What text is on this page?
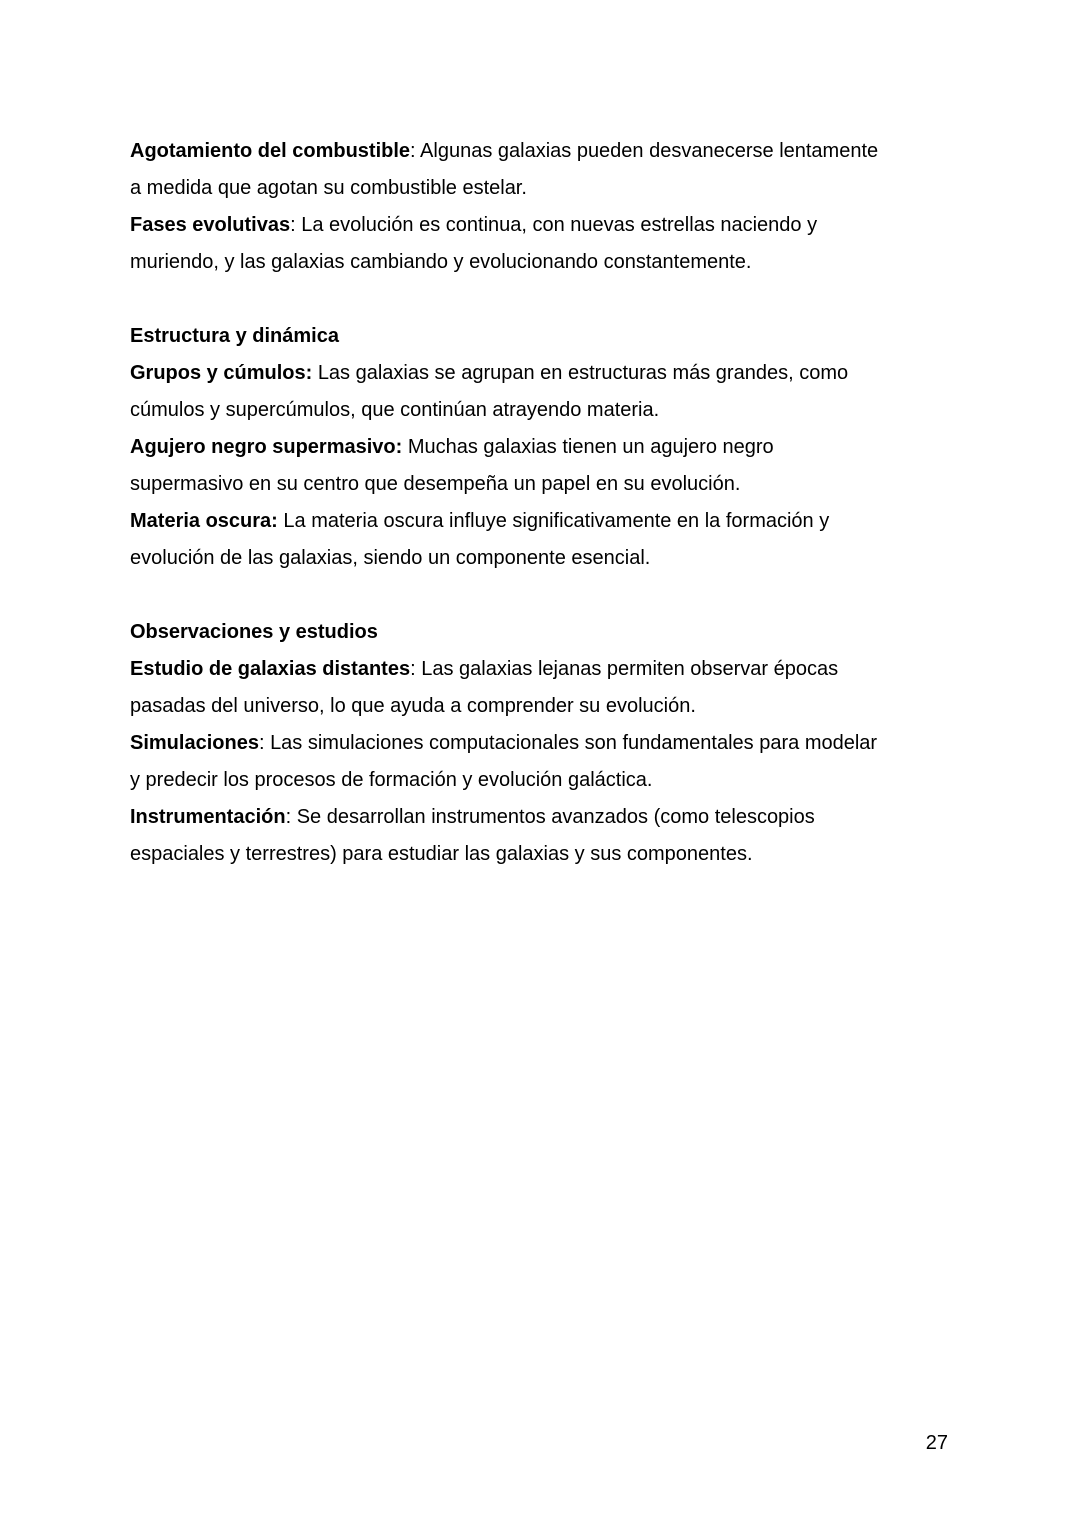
Agotamiento del combustible: Algunas galaxias pueden desvanecerse lentamente

a medida que agotan su combustible estelar.

Fases evolutivas: La evolución es continua, con nuevas estrellas naciendo y

muriendo, y las galaxias cambiando y evolucionando constantemente.

Estructura y dinámica

Grupos y cúmulos: Las galaxias se agrupan en estructuras más grandes, como

cúmulos y supercúmulos, que continúan atrayendo materia.

Agujero negro supermasivo: Muchas galaxias tienen un agujero negro

supermasivo en su centro que desempeña un papel en su evolución.

Materia oscura: La materia oscura influye significativamente en la formación y

evolución de las galaxias, siendo un componente esencial.

Observaciones y estudios

Estudio de galaxias distantes: Las galaxias lejanas permiten observar épocas

pasadas del universo, lo que ayuda a comprender su evolución.

Simulaciones: Las simulaciones computacionales son fundamentales para modelar

y predecir los procesos de formación y evolución galáctica.

Instrumentación: Se desarrollan instrumentos avanzados (como telescopios

espaciales y terrestres) para estudiar las galaxias y sus componentes.

27
